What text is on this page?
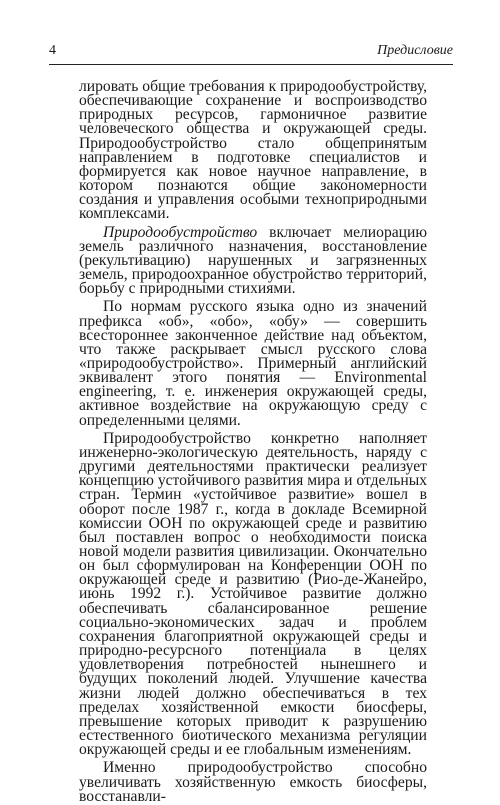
4	Предисловие

лировать общие требования к природообустройству, обеспечивающие сохранение и воспроизводство природных ресурсов, гармоничное развитие человеческого общества и окружающей среды. Природообустройство стало общепринятым направлением в подготовке специалистов и формируется как новое научное направление, в котором познаются общие закономерности создания и управления особыми техноприродными комплексами.

Природообустройство включает мелиорацию земель различного назначения, восстановление (рекультивацию) нарушенных и загрязненных земель, природоохранное обустройство территорий, борьбу с природными стихиями.

По нормам русского языка одно из значений префикса «об», «обо», «обу» — совершить всестороннее законченное действие над объектом, что также раскрывает смысл русского слова «природообустройство». Примерный английский эквивалент этого понятия — Environmental engineering, т. е. инженерия окружающей среды, активное воздействие на окружающую среду с определенными целями.

Природообустройство конкретно наполняет инженерно-экологическую деятельность, наряду с другими деятельностями практически реализует концепцию устойчивого развития мира и отдельных стран. Термин «устойчивое развитие» вошел в оборот после 1987 г., когда в докладе Всемирной комиссии ООН по окружающей среде и развитию был поставлен вопрос о необходимости поиска новой модели развития цивилизации. Окончательно он был сформулирован на Конференции ООН по окружающей среде и развитию (Рио-де-Жанейро, июнь 1992 г.). Устойчивое развитие должно обеспечивать сбалансированное решение социально-экономических задач и проблем сохранения благоприятной окружающей среды и природно-ресурсного потенциала в целях удовлетворения потребностей нынешнего и будущих поколений людей. Улучшение качества жизни людей должно обеспечиваться в тех пределах хозяйственной емкости биосферы, превышение которых приводит к разрушению естественного биотического механизма регуляции окружающей среды и ее глобальным изменениям.

Именно природообустройство способно увеличивать хозяйственную емкость биосферы, восстанавли-
